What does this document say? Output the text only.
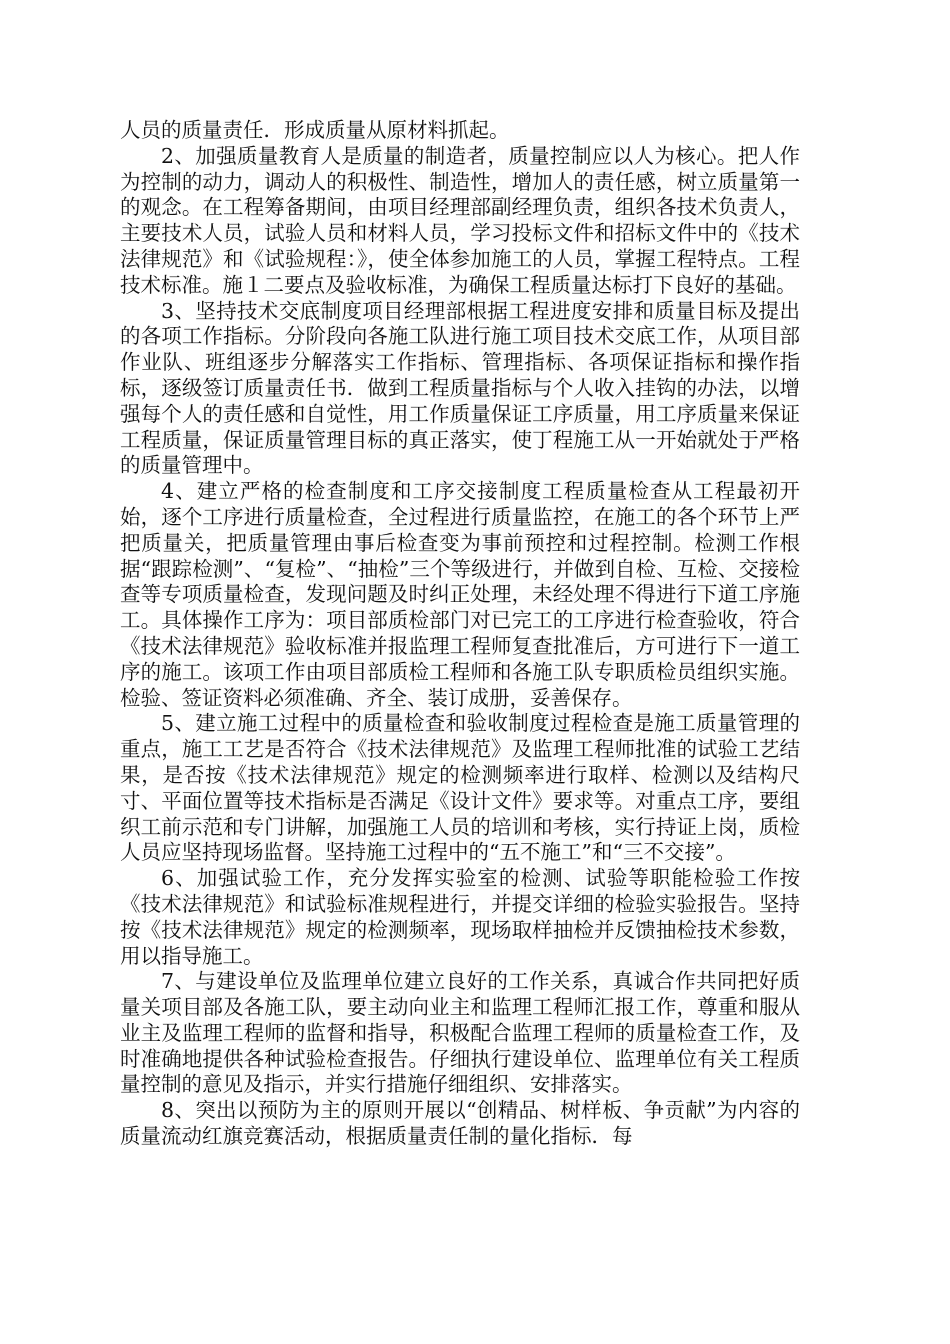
人员的质量责任．形成质量从原材料抓起。

2、加强质量教育人是质量的制造者，质量控制应以人为核心。把人作为控制的动力，调动人的积极性、制造性，增加人的责任感，树立质量第一的观念。在工程筹备期间，由项目经理部副经理负责，组织各技术负责人，主要技术人员，试验人员和材料人员，学习投标文件和招标文件中的《技术法律规范》和《试验规程：》，使全体参加施工的人员，掌握工程特点。工程技术标准。施１二要点及验收标准，为确保工程质量达标打下良好的基础。

3、坚持技术交底制度项目经理部根据工程进度安排和质量目标及提出的各项工作指标。分阶段向各施工队进行施工项目技术交底工作，从项目部作业队、班组逐步分解落实工作指标、管理指标、各项保证指标和操作指标，逐级签订质量责任书．做到工程质量指标与个人收入挂钩的办法，以增强每个人的责任感和自觉性，用工作质量保证工序质量，用工序质量来保证工程质量，保证质量管理目标的真正落实，使丁程施工从一开始就处于严格的质量管理中。

4、建立严格的检查制度和工序交接制度工程质量检查从工程最初开始，逐个工序进行质量检查，全过程进行质量监控，在施工的各个环节上严把质量关，把质量管理由事后检查变为事前预控和过程控制。检测工作根据“跟踪检测”、“复检”、“抽检”三个等级进行，并做到自检、互检、交接检查等专项质量检查，发现问题及时纠正处理，未经处理不得进行下道工序施工。具体操作工序为：项目部质检部门对已完工的工序进行检查验收，符合《技术法律规范》验收标准并报监理工程师复查批准后，方可进行下一道工序的施工。该项工作由项目部质检工程师和各施工队专职质检员组织实施。检验、签证资料必须准确、齐全、装订成册，妥善保存。

5、建立施工过程中的质量检查和验收制度过程检查是施工质量管理的重点，施工工艺是否符合《技术法律规范》及监理工程师批准的试验工艺结果，是否按《技术法律规范》规定的检测频率进行取样、检测以及结构尺寸、平面位置等技术指标是否满足《设计文件》要求等。对重点工序，要组织工前示范和专门讲解，加强施工人员的培训和考核，实行持证上岗，质检人员应坚持现场监督。坚持施工过程中的“五不施工”和“三不交接”。

6、加强试验工作，充分发挥实验室的检测、试验等职能检验工作按《技术法律规范》和试验标准规程进行，并提交详细的检验实验报告。坚持按《技术法律规范》规定的检测频率，现场取样抽检并反馈抽检技术参数，用以指导施工。

7、与建设单位及监理单位建立良好的工作关系，真诚合作共同把好质量关项目部及各施工队，要主动向业主和监理工程师汇报工作，尊重和服从业主及监理工程师的监督和指导，积极配合监理工程师的质量检查工作，及时准确地提供各种试验检查报告。仔细执行建设单位、监理单位有关工程质量控制的意见及指示，并实行措施仔细组织、安排落实。

8、突出以预防为主的原则开展以“创精品、树样板、争贡献”为内容的质量流动红旗竞赛活动，根据质量责任制的量化指标．每
